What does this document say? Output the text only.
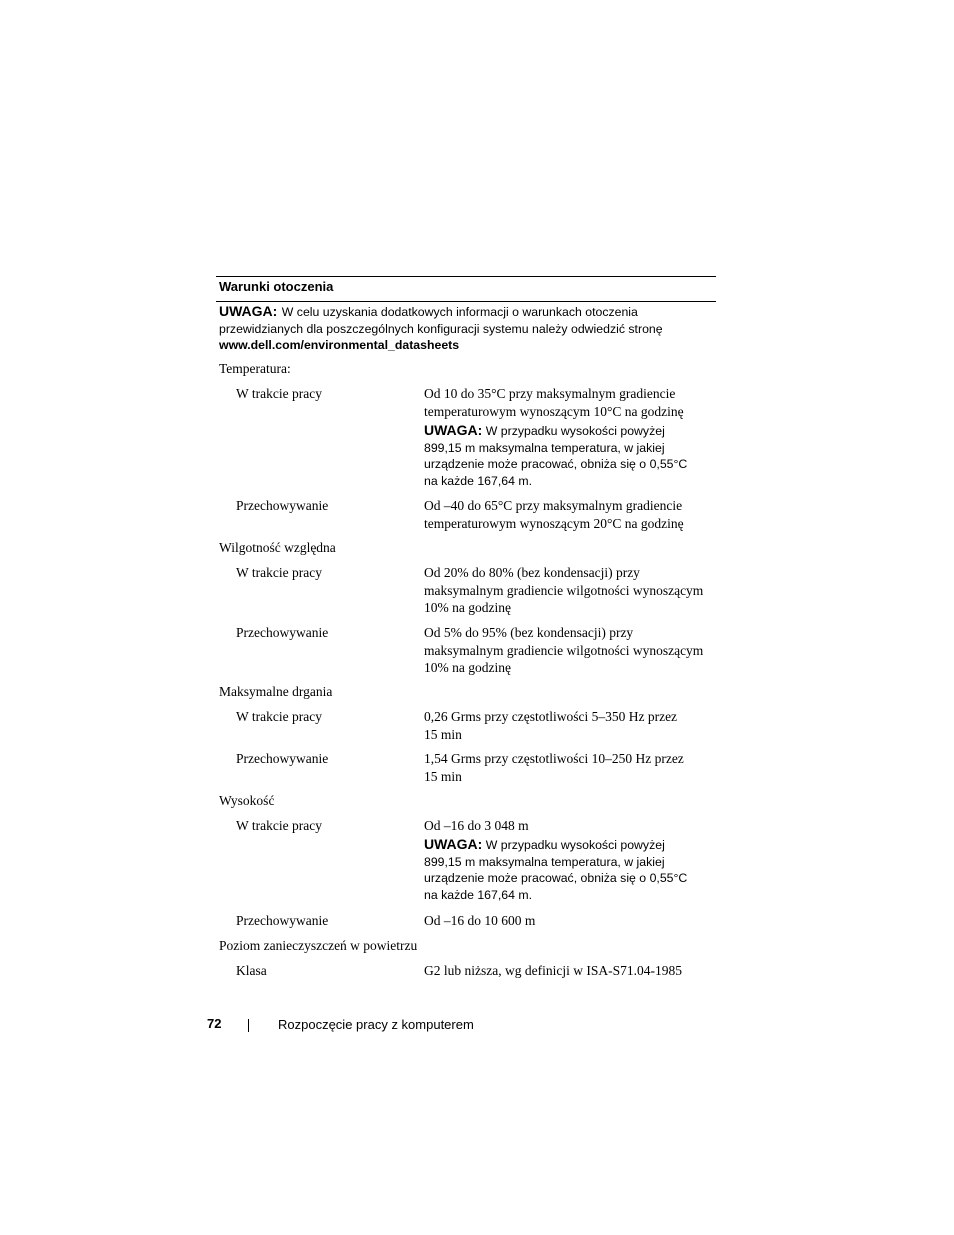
Warunki otoczenia
UWAGA: W celu uzyskania dodatkowych informacji o warunkach otoczenia
przewidzianych dla poszczególnych konfiguracji systemu należy odwiedzić stronę
www.dell.com/environmental_datasheets
Temperatura:
W trakcie pracy	Od 10 do 35°C przy maksymalnym gradiencie
temperaturowym wynoszącym 10°C na godzinę
UWAGA: W przypadku wysokości powyżej
899,15 m maksymalna temperatura, w jakiej
urządzenie może pracować, obniża się o 0,55°C
na każde 167,64 m.
Przechowywanie	Od –40 do 65°C przy maksymalnym gradiencie
temperaturowym wynoszącym 20°C na godzinę
Wilgotność względna
W trakcie pracy	Od 20% do 80% (bez kondensacji) przy
maksymalnym gradiencie wilgotności wynoszącym
10% na godzinę
Przechowywanie	Od 5% do 95% (bez kondensacji) przy
maksymalnym gradiencie wilgotności wynoszącym
10% na godzinę
Maksymalne drgania
W trakcie pracy	0,26 Grms przy częstotliwości 5–350 Hz przez
15 min
Przechowywanie	1,54 Grms przy częstotliwości 10–250 Hz przez
15 min
Wysokość
W trakcie pracy	Od –16 do 3 048 m
UWAGA: W przypadku wysokości powyżej
899,15 m maksymalna temperatura, w jakiej
urządzenie może pracować, obniża się o 0,55°C
na każde 167,64 m.
Przechowywanie	Od –16 do 10 600 m
Poziom zanieczyszczeń w powietrzu
Klasa	G2 lub niższa, wg definicji w ISA-S71.04-1985
72	Rozpoczęcie pracy z komputerem
